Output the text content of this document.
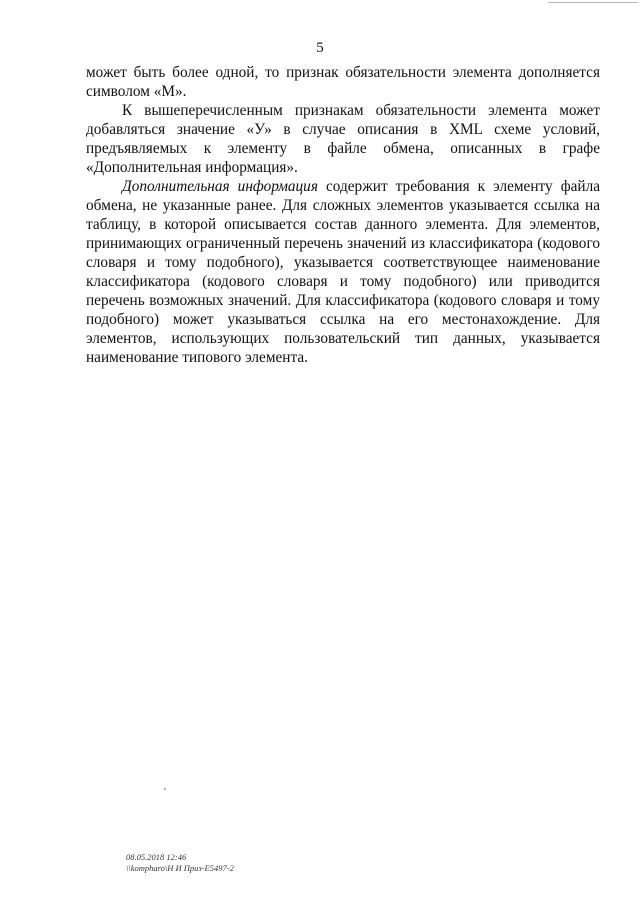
5

может быть более одной, то признак обязательности элемента дополняется символом «М».

К вышеперечисленным признакам обязательности элемента может добавляться значение «У» в случае описания в XML схеме условий, предъявляемых к элементу в файле обмена, описанных в графе «Дополнительная информация».

Дополнительная информация содержит требования к элементу файла обмена, не указанные ранее. Для сложных элементов указывается ссылка на таблицу, в которой описывается состав данного элемента. Для элементов, принимающих ограниченный перечень значений из классификатора (кодового словаря и тому подобного), указывается соответствующее наименование классификатора (кодового словаря и тому подобного) или приводится перечень возможных значений. Для классификатора (кодового словаря и тому подобного) может указываться ссылка на его местонахождение. Для элементов, использующих пользовательский тип данных, указывается наименование типового элемента.

08.05.2018 12:46
\\kompharo\Н И Приз-Е5497-2
